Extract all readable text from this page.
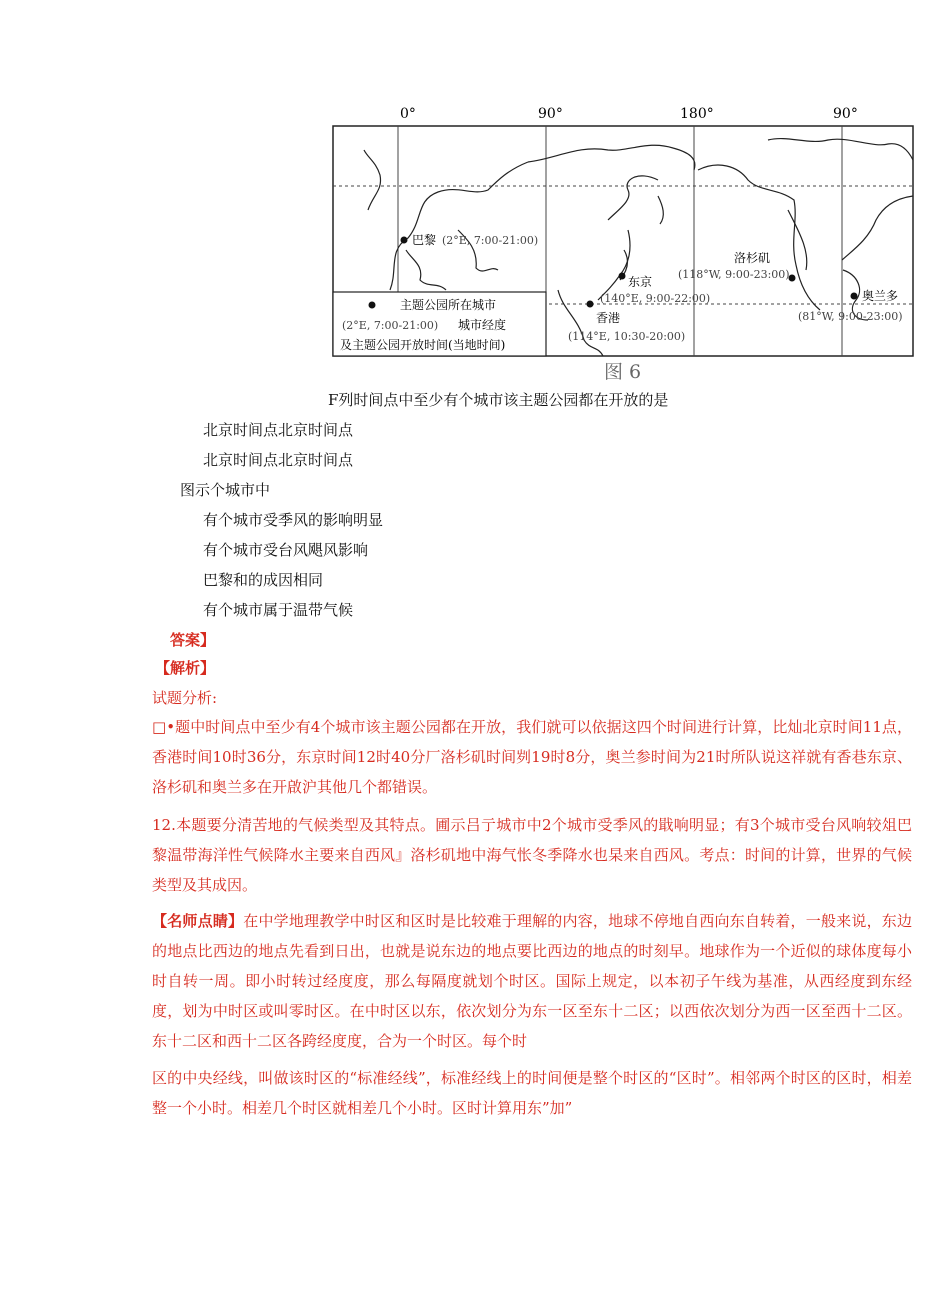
0°	90°	180°	90°
巴黎 (2°E, 7:00-21:00)
东京
(140°E, 9:00-22:00)
香港
(114°E, 10:30-20:00)
洛杉矶
(118°W, 9:00-23:00)
奥兰多
(81°W, 9:00-23:00)
主题公园所在城市
(2°E, 7:00-21:00) 城市经度
及主题公园开放时间(当地时间)
图 6
F列时间点中至少有个城市该主题公园都在开放的是
北京时间点北京时间点
北京时间点北京时间点
图示个城市中
有个城市受季风的影响明显
有个城市受台风飓风影响
巴黎和的成因相同
有个城市属于温带气候
答案】
【解析】
试题分析:
□•题中时间点中至少有4个城市该主题公园都在开放，我们就可以依据这四个时间进行计算，比灿北京时间11点，香港时间10时36分，东京时间12时40分厂洛杉矶时间刿19时8分，奥兰参时间为21时所队说这祥就有香巷东京、洛杉矶和奥兰多在开啟沪其他几个都错误。
12.本题要分清苦地的气候类型及其特点。圃示吕亍城市中2个城市受季风的戢响明显；有3个城市受台风响较俎巴黎温带海洋性气候降水主要来自西风』洛杉矶地中海气怅冬季降水也杲来自西风。考点：时间的计算，世界的气候类型及其成因。
【名师点睛】在中学地理教学中时区和区时是比较难于理解的内容，地球不停地自西向东自转着，一般来说，东边的地点比西边的地点先看到日出，也就是说东边的地点要比西边的地点的时刻早。地球作为一个近似的球体度每小时自转一周。即小时转过经度度，那么每隔度就划个时区。国际上规定，以本初子午线为基准，从西经度到东经度，划为中时区或叫零时区。在中时区以东，依次划分为东一区至东十二区；以西依次划分为西一区至西十二区。东十二区和西十二区各跨经度度，合为一个时区。每个时
区的中央经线，叫做该时区的“标准经线”，标准经线上的时间便是整个时区的“区时”。相邻两个时区的区时，相差整一个小时。相差几个时区就相差几个小时。区时计算用东”加”
